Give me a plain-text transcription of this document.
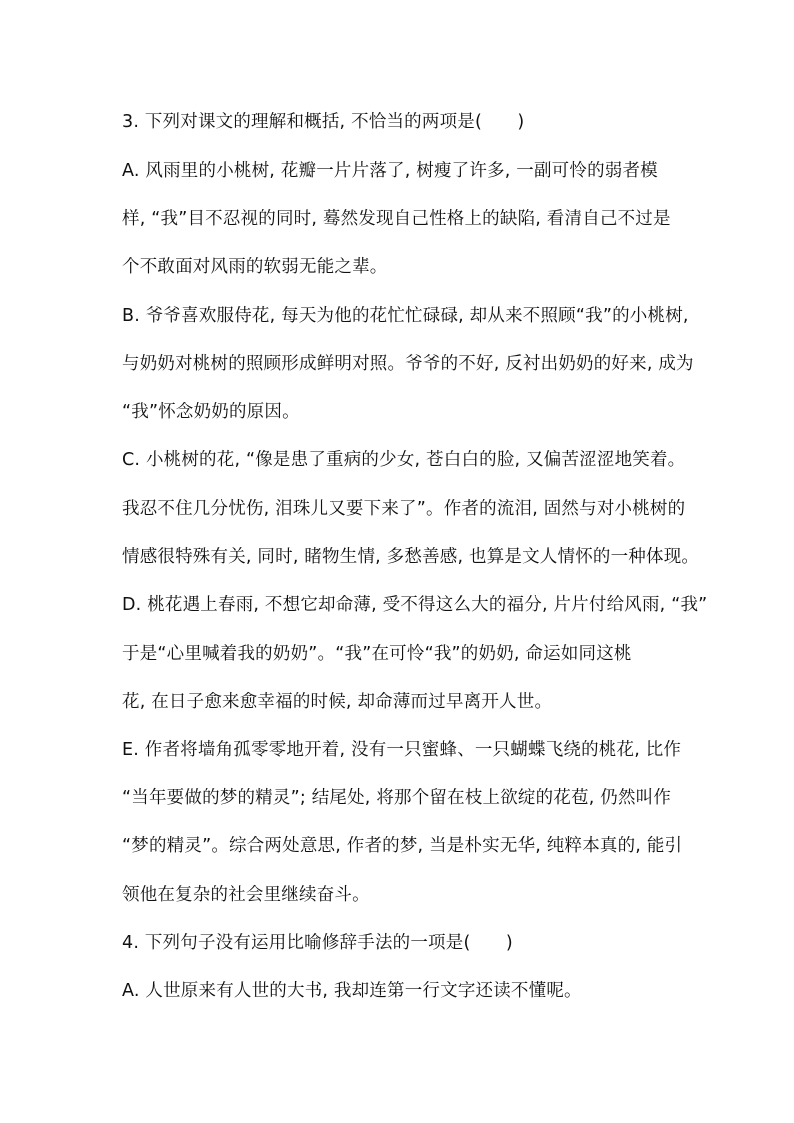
3. 下列对课文的理解和概括, 不恰当的两项是(　　)
A. 风雨里的小桃树, 花瓣一片片落了, 树瘦了许多, 一副可怜的弱者模
样, “我”目不忍视的同时, 蓦然发现自己性格上的缺陷, 看清自己不过是
个不敢面对风雨的软弱无能之辈。
B. 爷爷喜欢服侍花, 每天为他的花忙忙碌碌, 却从来不照顾“我”的小桃树,
与奶奶对桃树的照顾形成鲜明对照。爷爷的不好, 反衬出奶奶的好来, 成为
“我”怀念奶奶的原因。
C. 小桃树的花, “像是患了重病的少女, 苍白白的脸, 又偏苦涩涩地笑着。
我忍不住几分忧伤, 泪珠儿又要下来了”。作者的流泪, 固然与对小桃树的
情感很特殊有关, 同时, 睹物生情, 多愁善感, 也算是文人情怀的一种体现。
D. 桃花遇上春雨, 不想它却命薄, 受不得这么大的福分, 片片付给风雨, “我”
于是“心里喊着我的奶奶”。“我”在可怜“我”的奶奶, 命运如同这桃
花, 在日子愈来愈幸福的时候, 却命薄而过早离开人世。
E. 作者将墙角孤零零地开着, 没有一只蜜蜂、一只蝴蝶飞绕的桃花, 比作
“当年要做的梦的精灵”; 结尾处, 将那个留在枝上欲绽的花苞, 仍然叫作
“梦的精灵”。综合两处意思, 作者的梦, 当是朴实无华, 纯粹本真的, 能引
领他在复杂的社会里继续奋斗。
4. 下列句子没有运用比喻修辞手法的一项是(　　)
A. 人世原来有人世的大书, 我却连第一行文字还读不懂呢。
